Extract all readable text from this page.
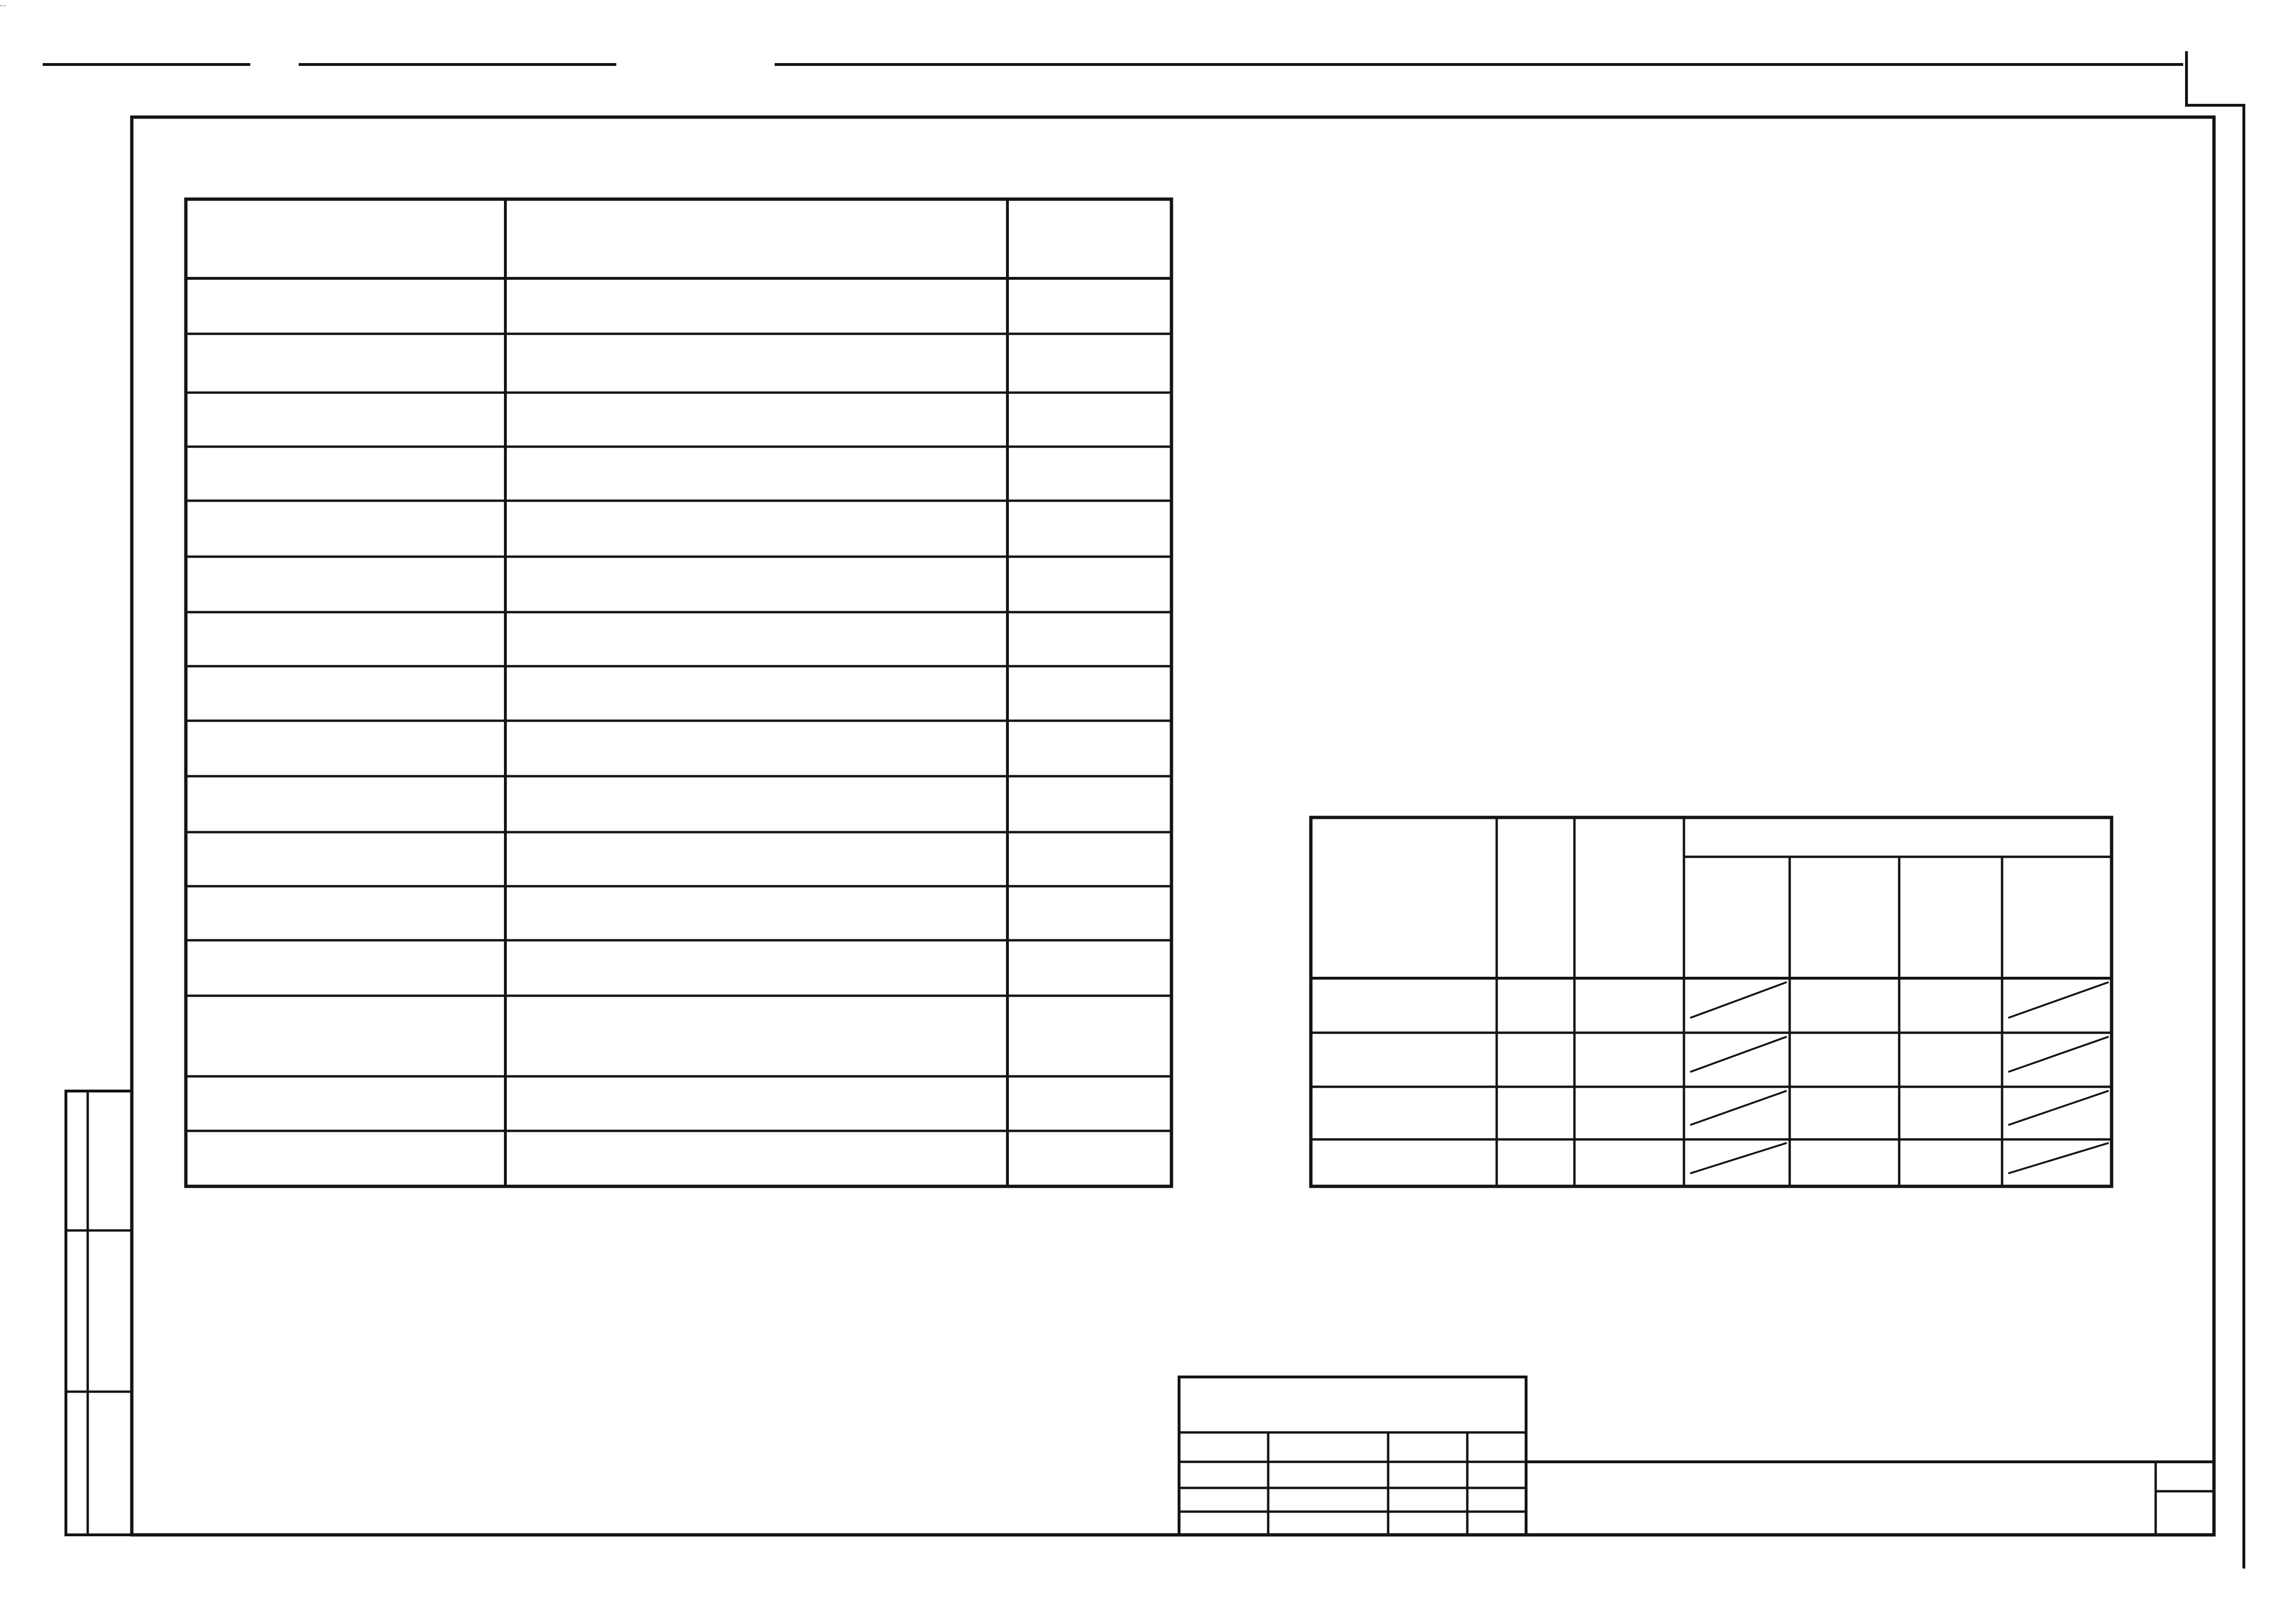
...
